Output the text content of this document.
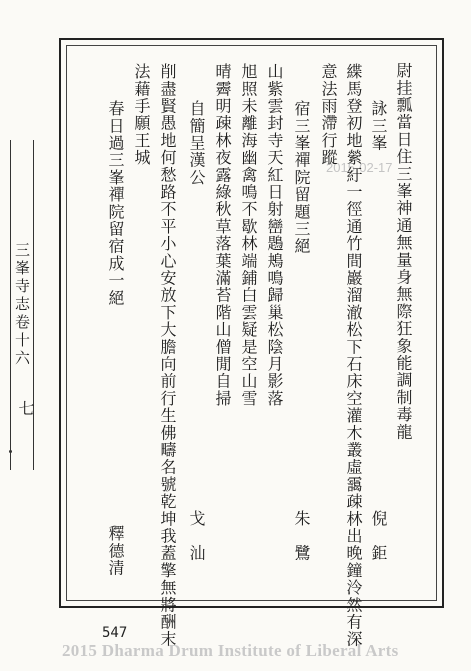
三峯寺志卷十六
七
2015-02-17 尉挂瓢當日住三峯神通無量身無際狂象能調制毒龍
詠三峯
倪　鉅
緤馬登初地縈紆一徑通竹間巖溜澈松下石床空灌木叢虛靄疎林出晚鐘泠然有深
意法雨滯行蹤
宿三峯禪院留題三絕
朱　鷺
山紫雲封寺天紅日射巒鶗鴂鳴歸巢松陰月影落
旭照未離海幽禽鳴不歇林端鋪白雲疑是空山雪
晴霽明疎林夜露綠秋草落葉滿苔階山僧閒自掃
自簡呈漢公
戈　汕
削盡賢愚地何愁路不平小心安放下大膽向前行生佛疇名號乾坤我蓋擎無將酬末
法藉手願王城
春日過三峯禪院留宿成一絕
釋德清
547
2015 Dharma Drum Institute of Liberal Arts
